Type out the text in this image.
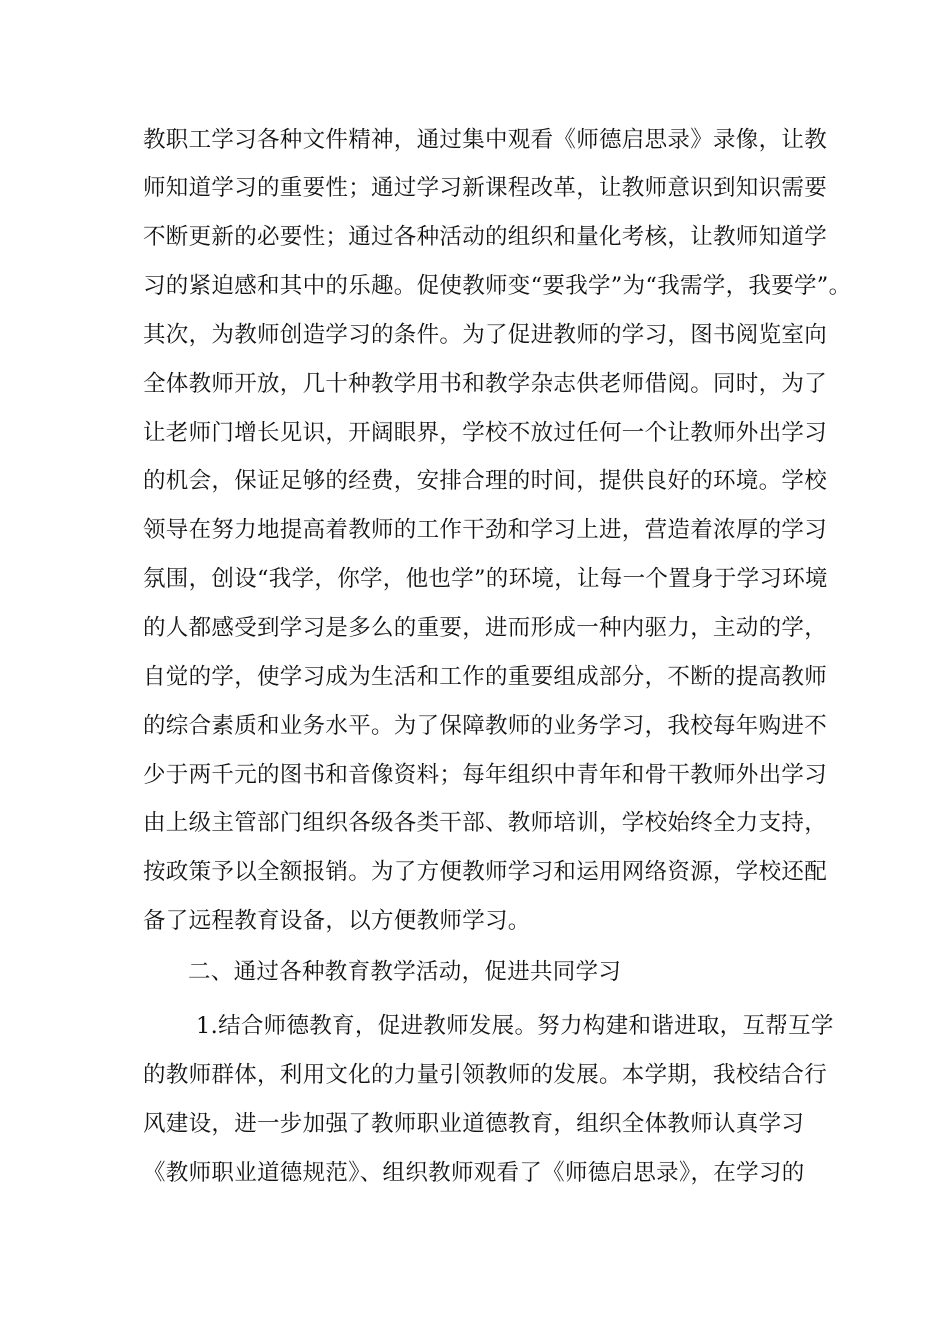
教职工学习各种文件精神，通过集中观看《师德启思录》录像，让教
师知道学习的重要性；通过学习新课程改革，让教师意识到知识需要
不断更新的必要性；通过各种活动的组织和量化考核，让教师知道学
习的紧迫感和其中的乐趣。促使教师变“要我学”为“我需学，我要学”。
其次，为教师创造学习的条件。为了促进教师的学习，图书阅览室向
全体教师开放，几十种教学用书和教学杂志供老师借阅。同时，为了
让老师门增长见识，开阔眼界，学校不放过任何一个让教师外出学习
的机会，保证足够的经费，安排合理的时间，提供良好的环境。学校
领导在努力地提高着教师的工作干劲和学习上进，营造着浓厚的学习
氛围，创设“我学，你学，他也学”的环境，让每一个置身于学习环境
的人都感受到学习是多么的重要，进而形成一种内驱力，主动的学，
自觉的学，使学习成为生活和工作的重要组成部分，不断的提高教师
的综合素质和业务水平。为了保障教师的业务学习，我校每年购进不
少于两千元的图书和音像资料；每年组织中青年和骨干教师外出学习
由上级主管部门组织各级各类干部、教师培训，学校始终全力支持，
按政策予以全额报销。为了方便教师学习和运用网络资源，学校还配
备了远程教育设备，以方便教师学习。
二、通过各种教育教学活动，促进共同学习
1.结合师德教育，促进教师发展。努力构建和谐进取，互帮互学
的教师群体，利用文化的力量引领教师的发展。本学期，我校结合行
风建设，进一步加强了教师职业道德教育，组织全体教师认真学习
《教师职业道德规范》、组织教师观看了《师德启思录》，在学习的
